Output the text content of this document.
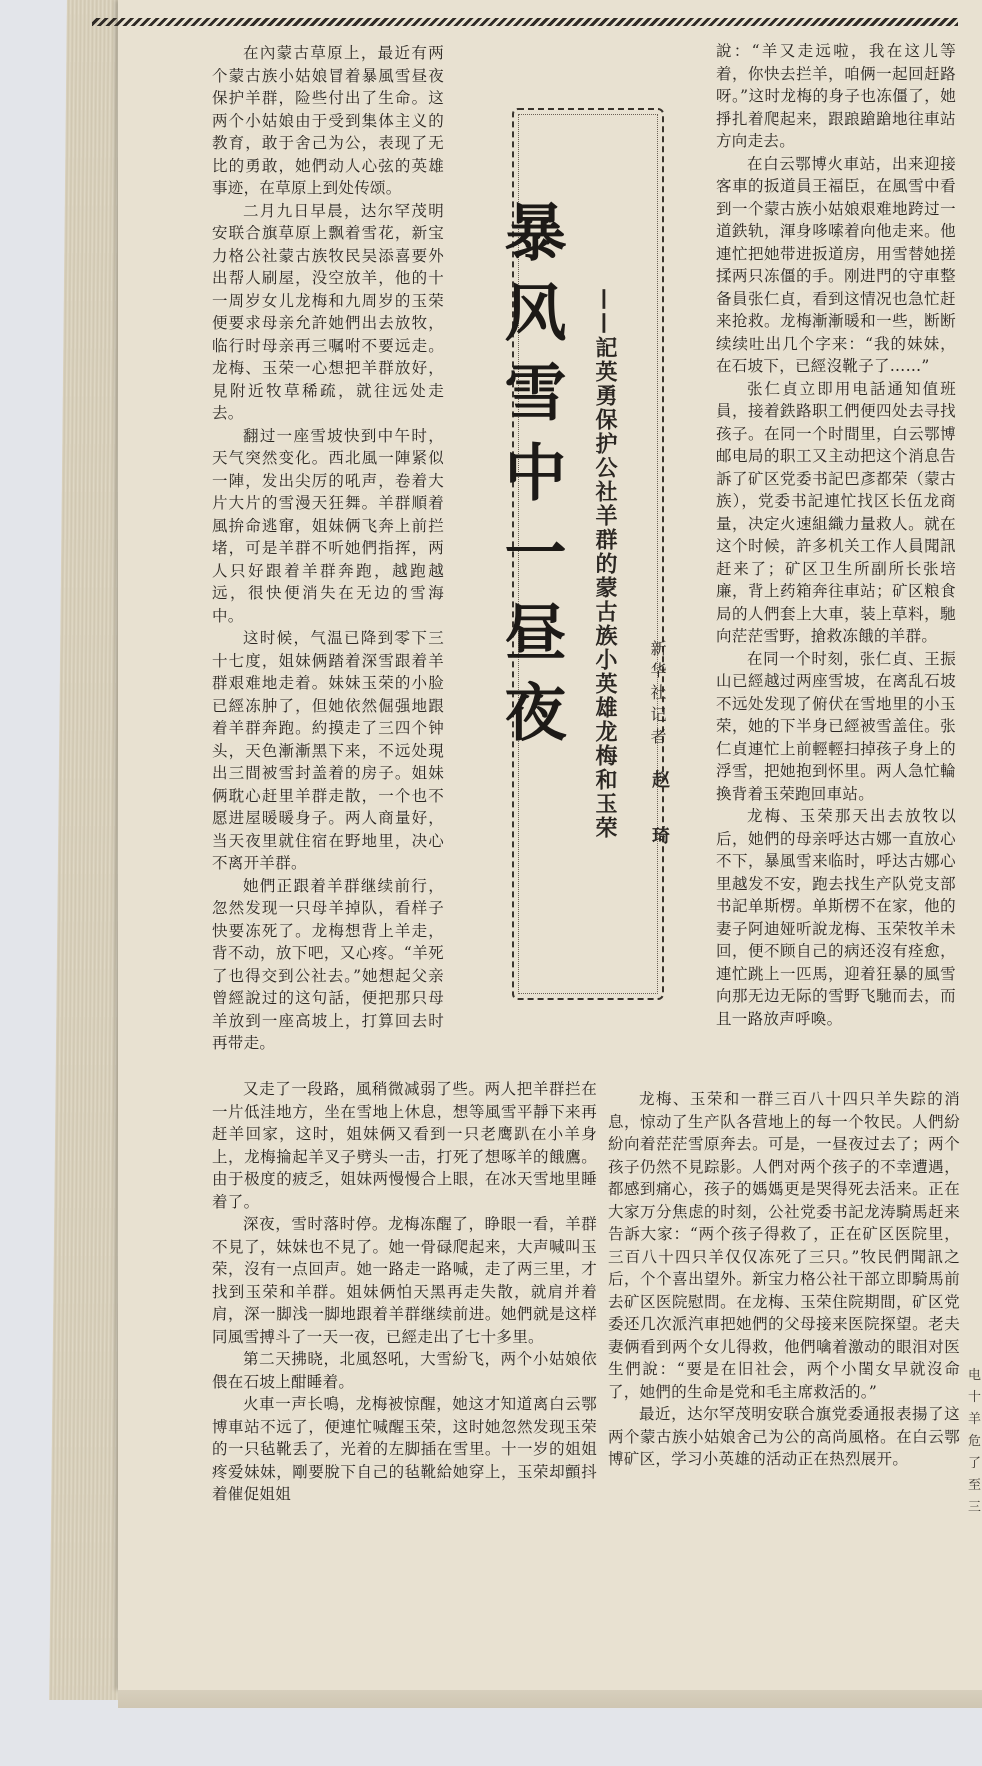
在內蒙古草原上，最近有两个蒙古族小姑娘冒着暴風雪昼夜保护羊群，险些付出了生命。这两个小姑娘由于受到集体主义的教育，敢于舍己为公，表现了无比的勇敢，她們动人心弦的英雄事迹，在草原上到处传颂。

二月九日早晨，达尔罕茂明安联合旗草原上飘着雪花，新宝力格公社蒙古族牧民吴添喜要外出帮人刷屋，没空放羊，他的十一周岁女儿龙梅和九周岁的玉荣便要求母亲允許她們出去放牧，临行时母亲再三嘱咐不要远走。龙梅、玉荣一心想把羊群放好，見附近牧草稀疏，就往远处走去。

翻过一座雪坡快到中午时，天气突然变化。西北風一陣紧似一陣，发出尖厉的吼声，卷着大片大片的雪漫天狂舞。羊群順着風拚命逃窜，姐妹俩飞奔上前拦堵，可是羊群不听她們指挥，两人只好跟着羊群奔跑，越跑越远，很快便消失在无边的雪海中。

这时候，气温已降到零下三十七度，姐妹俩踏着深雪跟着羊群艰难地走着。妹妹玉荣的小脸已經冻肿了，但她依然倔强地跟着羊群奔跑。約摸走了三四个钟头，天色漸漸黑下来，不远处現出三間被雪封盖着的房子。姐妹俩耽心赶里羊群走散，一个也不愿进屋暖暖身子。两人商量好，当天夜里就住宿在野地里，决心不离开羊群。

她們正跟着羊群继续前行，忽然发现一只母羊掉队，看样子快要冻死了。龙梅想背上羊走，背不动，放下吧，又心疼。“羊死了也得交到公社去。”她想起父亲曾經說过的这句話，便把那只母羊放到一座高坡上，打算回去时再带走。

暴风雪中一昼夜 ——記英勇保护公社羊群的蒙古族小英雄龙梅和玉荣 新华社记者
赵 琦

說：“羊又走远啦，我在这儿等着，你快去拦羊，咱俩一起回赶路呀。”这时龙梅的身子也冻僵了，她掙扎着爬起来，跟踉蹌蹌地往車站方向走去。

在白云鄂博火車站，出来迎接客車的扳道員王福臣，在風雪中看到一个蒙古族小姑娘艰难地跨过一道鉄轨，渾身哆嗦着向他走来。他連忙把她带进扳道房，用雪替她搓揉两只冻僵的手。刚进門的守車整备員张仁貞，看到这情况也急忙赶来抢救。龙梅漸漸暖和一些，断断续续吐出几个字来：“我的妹妹，在石坡下，已經沒靴子了……”

张仁貞立即用电話通知值班員，接着鉄路职工們便四处去寻找孩子。在同一个时間里，白云鄂博邮电局的职工又主动把这个消息告訴了矿区党委书記巴彥都荣（蒙古族），党委书記連忙找区长伍龙商量，决定火速組織力量救人。就在这个时候，許多机关工作人員聞訊赶来了；矿区卫生所副所长张培廉，背上药箱奔往車站；矿区粮食局的人們套上大車，装上草料，馳向茫茫雪野，搶救冻餓的羊群。

在同一个时刻，张仁貞、王振山已經越过两座雪坡，在离乱石坡不远处发现了俯伏在雪地里的小玉荣，她的下半身已經被雪盖住。张仁貞連忙上前輕輕扫掉孩子身上的浮雪，把她抱到怀里。两人急忙輪換背着玉荣跑回車站。

龙梅、玉荣那天出去放牧以后，她們的母亲呼达古娜一直放心不下，暴風雪来临时，呼达古娜心里越发不安，跑去找生产队党支部书記单斯楞。单斯楞不在家，他的妻子阿迪娅听說龙梅、玉荣牧羊未回，便不顾自己的病还沒有痊愈，連忙跳上一匹馬，迎着狂暴的風雪向那无边无际的雪野飞馳而去，而且一路放声呼喚。

又走了一段路，風稍微减弱了些。两人把羊群拦在一片低洼地方，坐在雪地上休息，想等風雪平靜下来再赶羊回家，这时，姐妹俩又看到一只老鹰趴在小羊身上，龙梅掄起羊叉子劈头一击，打死了想啄羊的餓鷹。由于极度的疲乏，姐妹两慢慢合上眼，在冰天雪地里睡着了。

深夜，雪时落时停。龙梅冻醒了，睁眼一看，羊群不見了，妹妹也不見了。她一骨碌爬起来，大声喊叫玉荣，沒有一点回声。她一路走一路喊，走了两三里，才找到玉荣和羊群。姐妹俩怕天黑再走失散，就肩并着肩，深一脚浅一脚地跟着羊群继续前进。她們就是这样同風雪搏斗了一天一夜，已經走出了七十多里。

第二天拂晓，北風怒吼，大雪紛飞，两个小姑娘依偎在石坡上酣睡着。

火車一声长鳴，龙梅被惊醒，她这才知道离白云鄂博車站不远了，便連忙喊醒玉荣，这时她忽然发现玉荣的一只毡靴丢了，光着的左脚插在雪里。十一岁的姐姐疼爱妹妹，剛要脫下自己的毡靴給她穿上，玉荣却顫抖着催促姐姐

龙梅、玉荣和一群三百八十四只羊失踪的消息，惊动了生产队各营地上的每一个牧民。人們紛紛向着茫茫雪原奔去。可是，一昼夜过去了；两个孩子仍然不見踪影。人們对两个孩子的不幸遭遇，都感到痛心，孩子的媽媽更是哭得死去活来。正在大家万分焦虑的时刻，公社党委书記龙涛騎馬赶来告訴大家：“两个孩子得救了，正在矿区医院里，三百八十四只羊仅仅冻死了三只。”牧民們聞訊之后，个个喜出望外。新宝力格公社干部立即騎馬前去矿区医院慰問。在龙梅、玉荣住院期間，矿区党委还几次派汽車把她們的父母接来医院探望。老夫妻俩看到两个女儿得救，他們噙着激动的眼泪对医生們說：“要是在旧社会，两个小閨女早就沒命了，她們的生命是党和毛主席救活的。”

最近，达尔罕茂明安联合旗党委通报表揚了这两个蒙古族小姑娘舍己为公的高尚風格。在白云鄂博矿区，学习小英雄的活动正在热烈展开。

电
十
羊
危
了
至
三
